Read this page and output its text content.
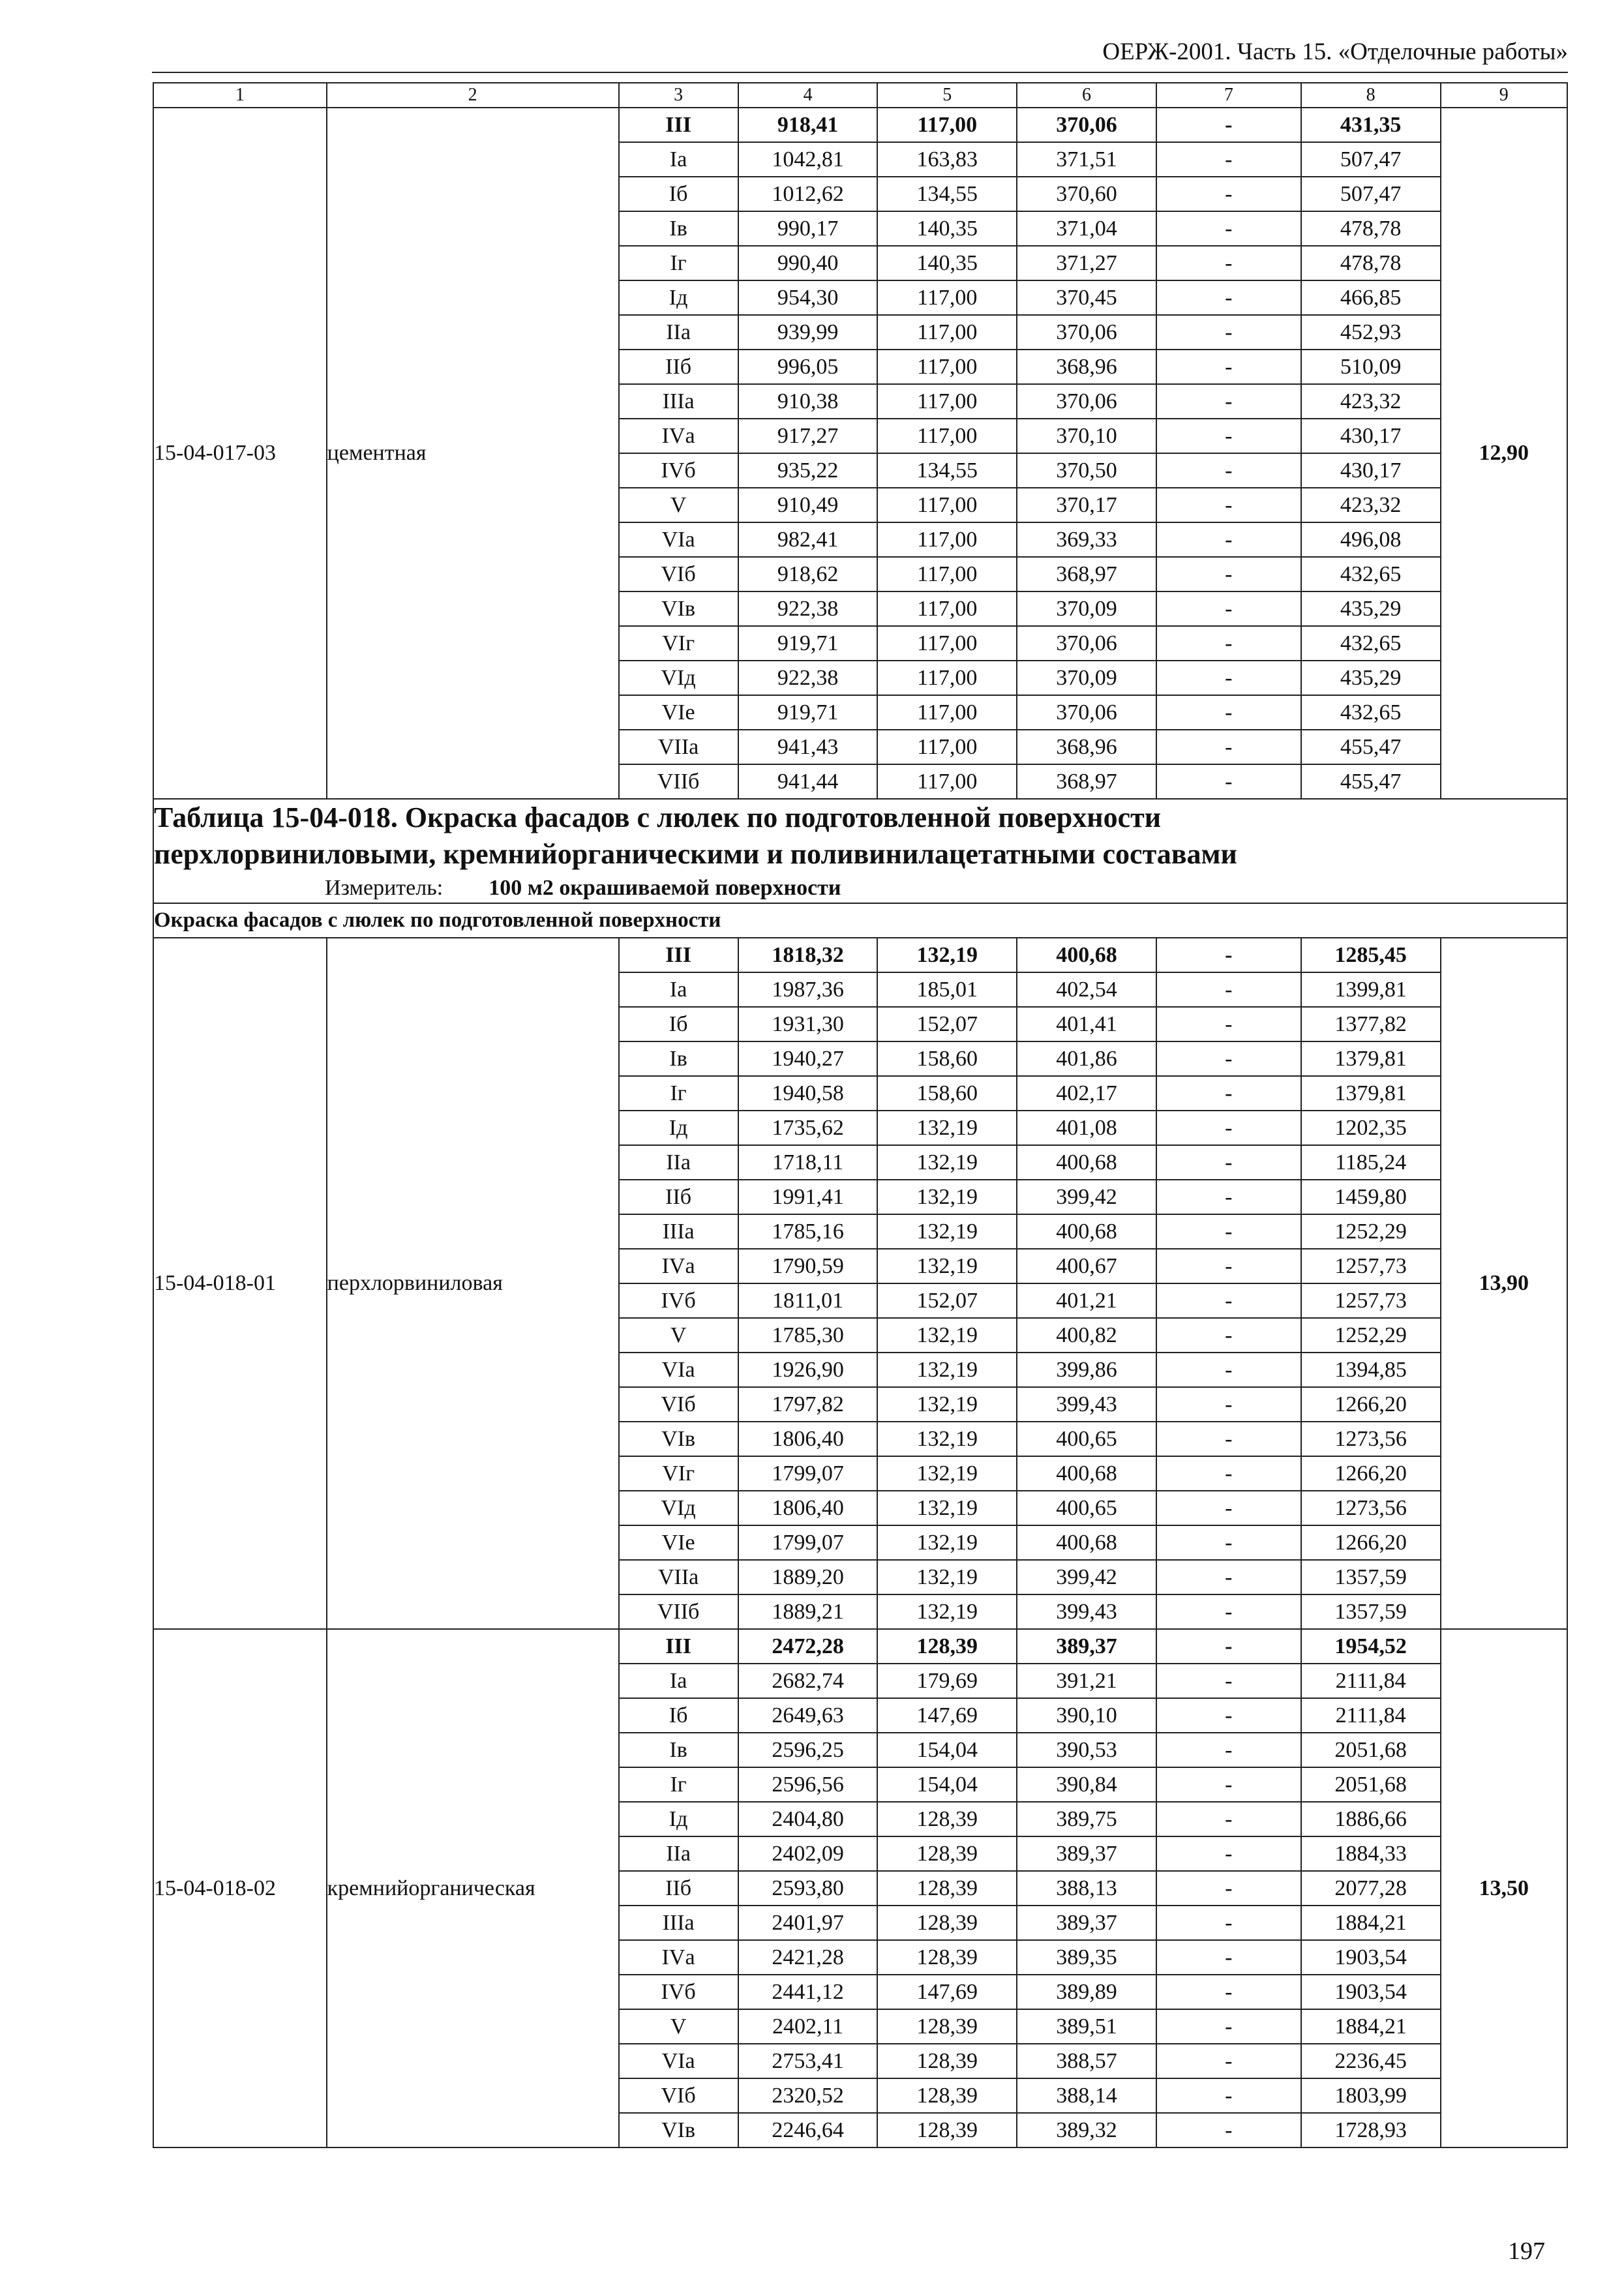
ОЕРЖ-2001. Часть 15. «Отделочные работы»
1	2	3	4	5	6	7	8	9
15-04-017-03	цементная	III	918,41	117,00	370,06	-	431,35	12,90
		Iа	1042,81	163,83	371,51	-	507,47	
		Iб	1012,62	134,55	370,60	-	507,47	
		Iв	990,17	140,35	371,04	-	478,78	
		Iг	990,40	140,35	371,27	-	478,78	
		Iд	954,30	117,00	370,45	-	466,85	
		IIа	939,99	117,00	370,06	-	452,93	
		IIб	996,05	117,00	368,96	-	510,09	
		IIIа	910,38	117,00	370,06	-	423,32	
		IVа	917,27	117,00	370,10	-	430,17	
		IVб	935,22	134,55	370,50	-	430,17	
		V	910,49	117,00	370,17	-	423,32	
		VIа	982,41	117,00	369,33	-	496,08	
		VIб	918,62	117,00	368,97	-	432,65	
		VIв	922,38	117,00	370,09	-	435,29	
		VIг	919,71	117,00	370,06	-	432,65	
		VIд	922,38	117,00	370,09	-	435,29	
		VIе	919,71	117,00	370,06	-	432,65	
		VIIа	941,43	117,00	368,96	-	455,47	
		VIIб	941,44	117,00	368,97	-	455,47	

Таблица 15-04-018. Окраска фасадов с люлек по подготовленной поверхности
перхлорвиниловыми, кремнийорганическими и поливинилацетатными составами
Измеритель: 100 м2 окрашиваемой поверхности								

Окраска фасадов с люлек по подготовленной поверхности								
15-04-018-01	перхлорвиниловая	III	1818,32	132,19	400,68	-	1285,45	13,90
		Iа	1987,36	185,01	402,54	-	1399,81	
		Iб	1931,30	152,07	401,41	-	1377,82	
		Iв	1940,27	158,60	401,86	-	1379,81	
		Iг	1940,58	158,60	402,17	-	1379,81	
		Iд	1735,62	132,19	401,08	-	1202,35	
		IIа	1718,11	132,19	400,68	-	1185,24	
		IIб	1991,41	132,19	399,42	-	1459,80	
		IIIа	1785,16	132,19	400,68	-	1252,29	
		IVа	1790,59	132,19	400,67	-	1257,73	
		IVб	1811,01	152,07	401,21	-	1257,73	
		V	1785,30	132,19	400,82	-	1252,29	
		VIа	1926,90	132,19	399,86	-	1394,85	
		VIб	1797,82	132,19	399,43	-	1266,20	
		VIв	1806,40	132,19	400,65	-	1273,56	
		VIг	1799,07	132,19	400,68	-	1266,20	
		VIд	1806,40	132,19	400,65	-	1273,56	
		VIе	1799,07	132,19	400,68	-	1266,20	
		VIIа	1889,20	132,19	399,42	-	1357,59	
		VIIб	1889,21	132,19	399,43	-	1357,59	
15-04-018-02	кремнийорганическая	III	2472,28	128,39	389,37	-	1954,52	13,50
		Iа	2682,74	179,69	391,21	-	2111,84	
		Iб	2649,63	147,69	390,10	-	2111,84	
		Iв	2596,25	154,04	390,53	-	2051,68	
		Iг	2596,56	154,04	390,84	-	2051,68	
		Iд	2404,80	128,39	389,75	-	1886,66	
		IIа	2402,09	128,39	389,37	-	1884,33	
		IIб	2593,80	128,39	388,13	-	2077,28	
		IIIа	2401,97	128,39	389,37	-	1884,21	
		IVа	2421,28	128,39	389,35	-	1903,54	
		IVб	2441,12	147,69	389,89	-	1903,54	
		V	2402,11	128,39	389,51	-	1884,21	
		VIа	2753,41	128,39	388,57	-	2236,45	
		VIб	2320,52	128,39	388,14	-	1803,99	
		VIв	2246,64	128,39	389,32	-	1728,93	
197
